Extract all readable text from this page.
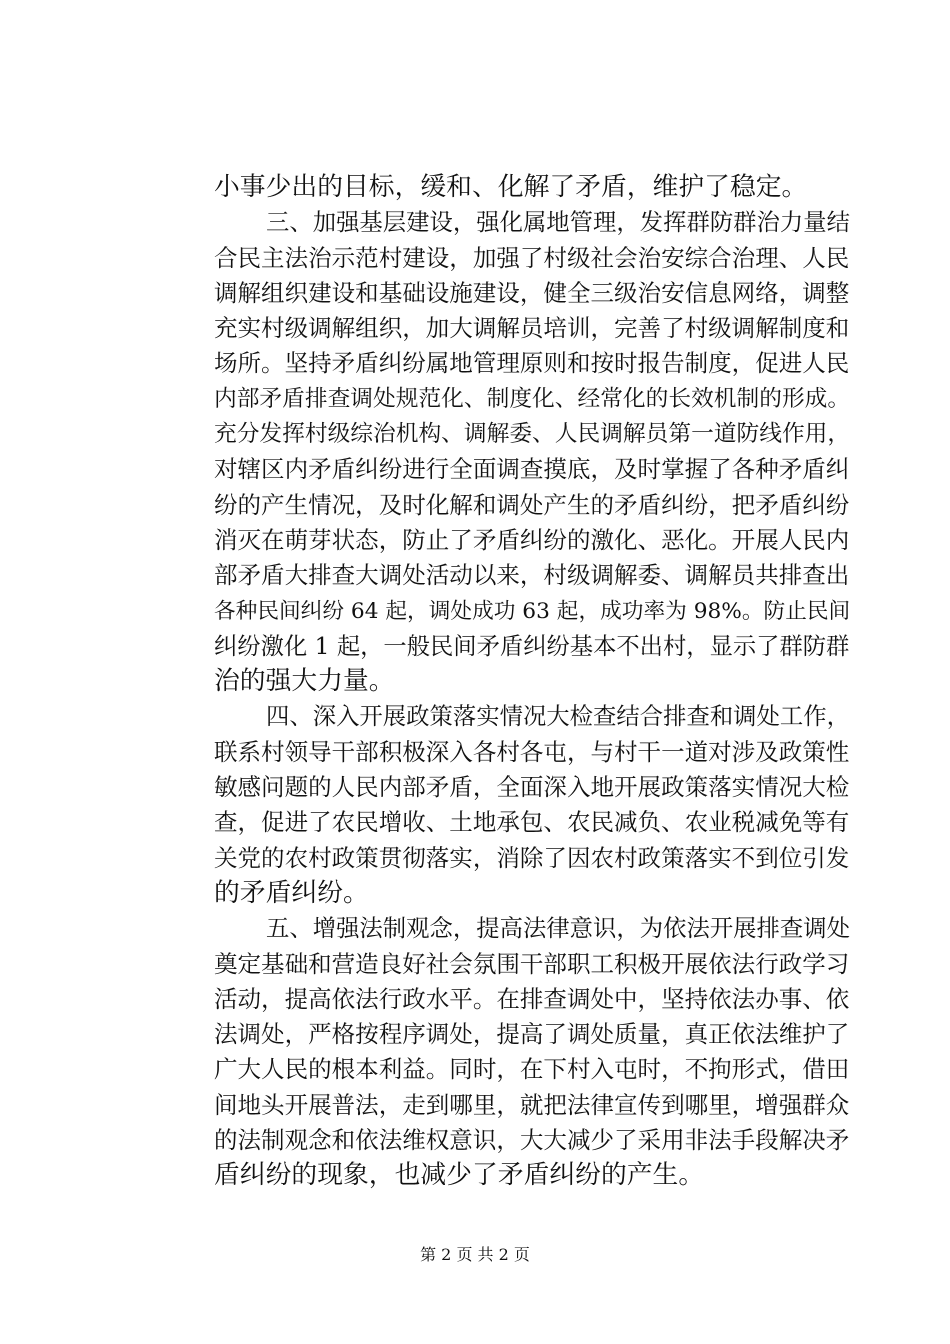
小事少出的目标，缓和、化解了矛盾，维护了稳定。
三、加强基层建设，强化属地管理，发挥群防群治力量结
合民主法治示范村建设，加强了村级社会治安综合治理、人民
调解组织建设和基础设施建设，健全三级治安信息网络，调整
充实村级调解组织，加大调解员培训，完善了村级调解制度和
场所。坚持矛盾纠纷属地管理原则和按时报告制度，促进人民
内部矛盾排查调处规范化、制度化、经常化的长效机制的形成。
充分发挥村级综治机构、调解委、人民调解员第一道防线作用，
对辖区内矛盾纠纷进行全面调查摸底，及时掌握了各种矛盾纠
纷的产生情况，及时化解和调处产生的矛盾纠纷，把矛盾纠纷
消灭在萌芽状态，防止了矛盾纠纷的激化、恶化。开展人民内
部矛盾大排查大调处活动以来，村级调解委、调解员共排查出
各种民间纠纷 64 起，调处成功 63 起，成功率为 98%。防止民间
纠纷激化 1 起，一般民间矛盾纠纷基本不出村，显示了群防群
治的强大力量。
四、深入开展政策落实情况大检查结合排查和调处工作，
联系村领导干部积极深入各村各屯，与村干一道对涉及政策性
敏感问题的人民内部矛盾，全面深入地开展政策落实情况大检
查，促进了农民增收、土地承包、农民减负、农业税减免等有
关党的农村政策贯彻落实，消除了因农村政策落实不到位引发
的矛盾纠纷。
五、增强法制观念，提高法律意识，为依法开展排查调处
奠定基础和营造良好社会氛围干部职工积极开展依法行政学习
活动，提高依法行政水平。在排查调处中，坚持依法办事、依
法调处，严格按程序调处，提高了调处质量，真正依法维护了
广大人民的根本利益。同时，在下村入屯时，不拘形式，借田
间地头开展普法，走到哪里，就把法律宣传到哪里，增强群众
的法制观念和依法维权意识，大大减少了采用非法手段解决矛
盾纠纷的现象，也减少了矛盾纠纷的产生。
第 2 页 共 2 页
